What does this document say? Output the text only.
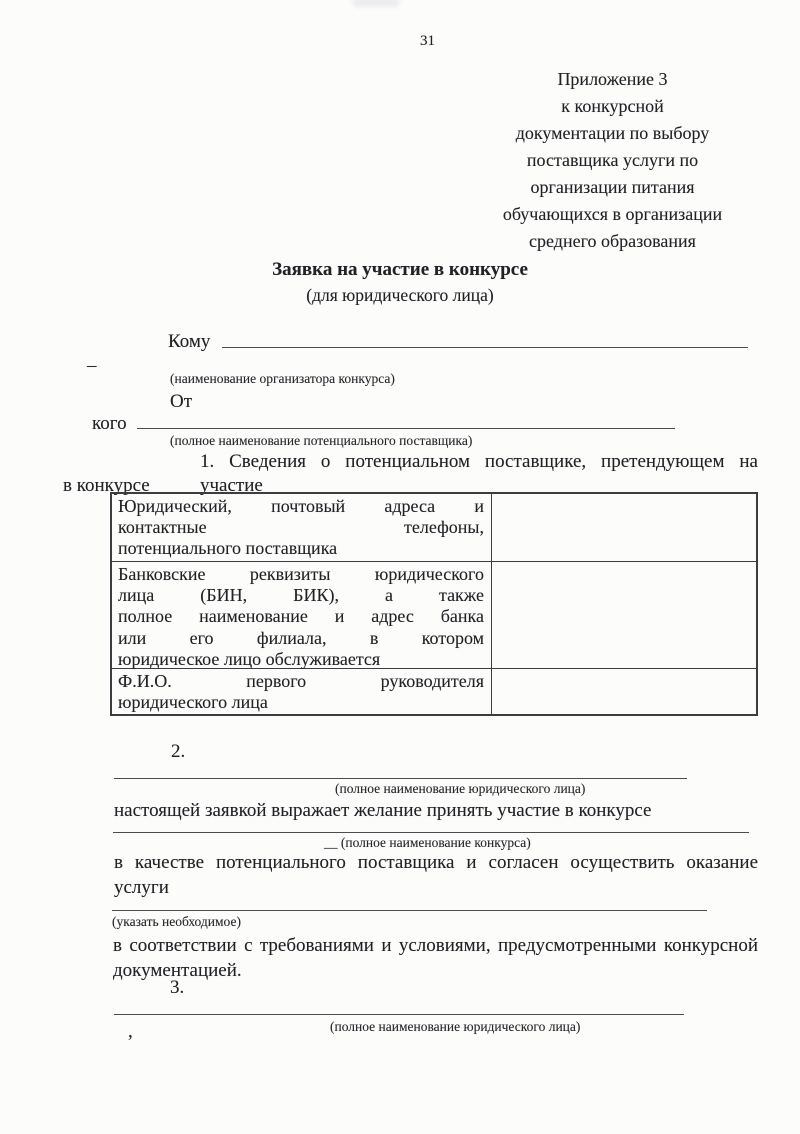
31
Приложение 3
к конкурсной
документации по выбору
поставщика услуги по
организации питания
обучающихся в организации
среднего образования
Заявка на участие в конкурсе
(для юридического лица)
Кому
–
(наименование организатора конкурса)
От
кого
(полное наименование потенциального поставщика)
1. Сведения о потенциальном поставщике, претендующем на участие
в конкурсе
Юридический, почтовый адреса и
контактные телефоны,
потенциального поставщика
Банковские реквизиты юридического
лица (БИН, БИК), а также
полное наименование и адрес банка
или его филиала, в котором
юридическое лицо обслуживается
Ф.И.О. первого руководителя
юридического лица
2.
(полное наименование юридического лица)
настоящей заявкой выражает желание принять участие в конкурсе
__ (полное наименование конкурса)
в качестве потенциального поставщика и согласен осуществить оказание
услуги
(указать необходимое)
в соответствии с требованиями и условиями, предусмотренными конкурсной
документацией.
3.
,	(полное наименование юридического лица)
